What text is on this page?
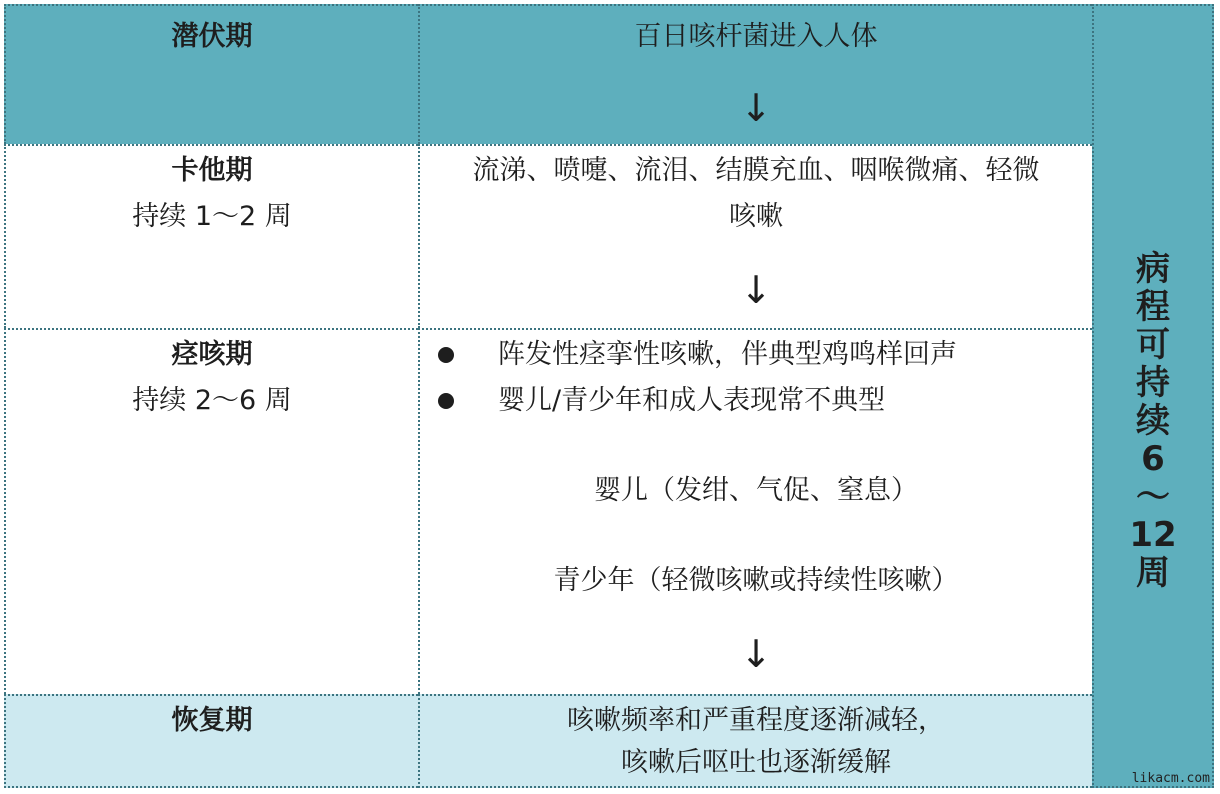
潜伏期	百日咳杆菌进入人体
↓
卡他期
持续 1～2 周
流涕、喷嚏、流泪、结膜充血、咽喉微痛、轻微
咳嗽
↓
痉咳期
持续 2～6 周
阵发性痉挛性咳嗽，伴典型鸡鸣样回声
婴儿/青少年和成人表现常不典型
婴儿（发绀、气促、窒息）
青少年（轻微咳嗽或持续性咳嗽）
↓
恢复期	咳嗽频率和严重程度逐渐减轻，
咳嗽后呕吐也逐渐缓解
病
程
可
持
续
6
～
12
周
likacm.com
